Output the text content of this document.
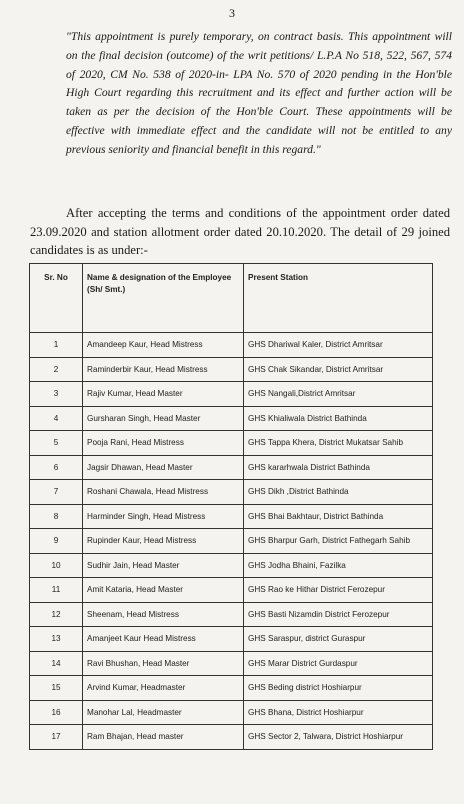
3

"This appointment is purely temporary, on contract basis. This appointment will on the final decision (outcome) of the writ petitions/ L.P.A No 518, 522, 567, 574 of 2020, CM No. 538 of 2020-in- LPA No. 570 of 2020 pending in the Hon'ble High Court regarding this recruitment and its effect and further action will be taken as per the decision of the Hon'ble Court. These appointments will be effective with immediate effect and the candidate will not be entitled to any previous seniority and financial benefit in this regard."

After accepting the terms and conditions of the appointment order dated 23.09.2020 and station allotment order dated 20.10.2020. The detail of 29 joined candidates is as under:-

Sr. No	Name & designation of the Employee (Sh/ Smt.)	Present Station
1	Amandeep Kaur, Head Mistress	GHS Dhariwal Kaler, District Amritsar
2	Raminderbir Kaur, Head Mistress	GHS Chak Sikandar, District Amritsar
3	Rajiv Kumar, Head Master	GHS Nangali,District Amritsar
4	Gursharan Singh, Head Master	GHS Khialiwala District Bathinda
5	Pooja Rani, Head Mistress	GHS Tappa Khera, District Mukatsar Sahib
6	Jagsir Dhawan, Head Master	GHS kararhwala District Bathinda
7	Roshani Chawala, Head Mistress	GHS Dikh ,District Bathinda
8	Harminder Singh, Head Mistress	GHS Bhai Bakhtaur, District Bathinda
9	Rupinder Kaur, Head Mistress	GHS Bharpur Garh, District Fathegarh Sahib
10	Sudhir Jain, Head Master	GHS Jodha Bhaini, Fazilka
11	Amit Kataria, Head Master	GHS Rao ke Hithar District Ferozepur
12	Sheenam, Head Mistress	GHS Basti Nizamdin District Ferozepur
13	Amanjeet Kaur Head Mistress	GHS Saraspur, district Guraspur
14	Ravi Bhushan, Head Master	GHS Marar District Gurdaspur
15	Arvind Kumar, Headmaster	GHS Beding district Hoshiarpur
16	Manohar Lal, Headmaster	GHS Bhana, District Hoshiarpur
17	Ram Bhajan, Head master	GHS Sector 2, Talwara, District Hoshiarpur
